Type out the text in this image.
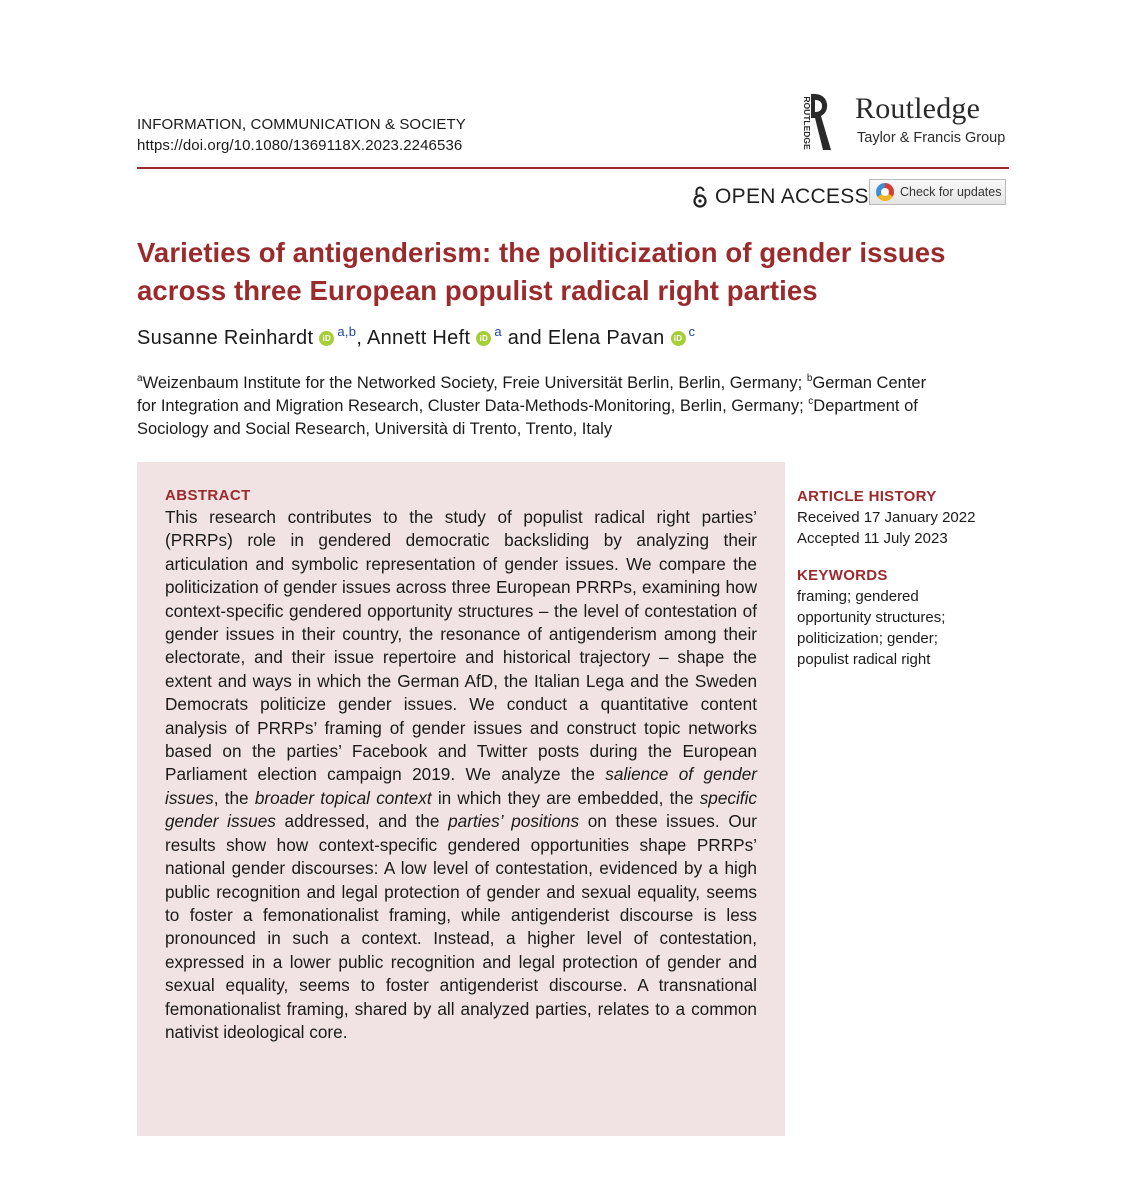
INFORMATION, COMMUNICATION & SOCIETY
https://doi.org/10.1080/1369118X.2023.2246536	ROUTLEDGE Routledge
Taylor & Francis Group
OPEN ACCESS Check for updates
Varieties of antigenderism: the politicization of gender issues
across three European populist radical right parties
Susanne Reinhardt iD $^{a,b}$, Annett Heft iD $^a$ and Elena Pavan iD $^c$
$^a$Weizenbaum Institute for the Networked Society, Freie Universität Berlin, Berlin, Germany; $^b$German Center
for Integration and Migration Research, Cluster Data-Methods-Monitoring, Berlin, Germany; $^c$Department of
Sociology and Social Research, Università di Trento, Trento, Italy
ABSTRACT
This research contributes to the study of populist radical right parties’ (PRRPs) role in gendered democratic backsliding by analyzing their articulation and symbolic representation of gender issues. We compare the politicization of gender issues across three European PRRPs, examining how context-specific gendered opportunity structures – the level of contestation of gender issues in their country, the resonance of antigenderism among their electorate, and their issue repertoire and historical trajectory – shape the extent and ways in which the German AfD, the Italian Lega and the Sweden Democrats politicize gender issues. We conduct a quantitative content analysis of PRRPs’ framing of gender issues and construct topic networks based on the parties’ Facebook and Twitter posts during the European Parliament election campaign 2019. We analyze the salience of gender issues, the broader topical context in which they are embedded, the specific gender issues addressed, and the parties’ positions on these issues. Our results show how context-specific gendered opportunities shape PRRPs’ national gender discourses: A low level of contestation, evidenced by a high public recognition and legal protection of gender and sexual equality, seems to foster a femonationalist framing, while antigenderist discourse is less pronounced in such a context. Instead, a higher level of contestation, expressed in a lower public recognition and legal protection of gender and sexual equality, seems to foster antigenderist discourse. A transnational femonationalist framing, shared by all analyzed parties, relates to a common nativist ideological core.
ARTICLE HISTORY
Received 17 January 2022
Accepted 11 July 2023
KEYWORDS
framing; gendered
opportunity structures;
politicization; gender;
populist radical right
